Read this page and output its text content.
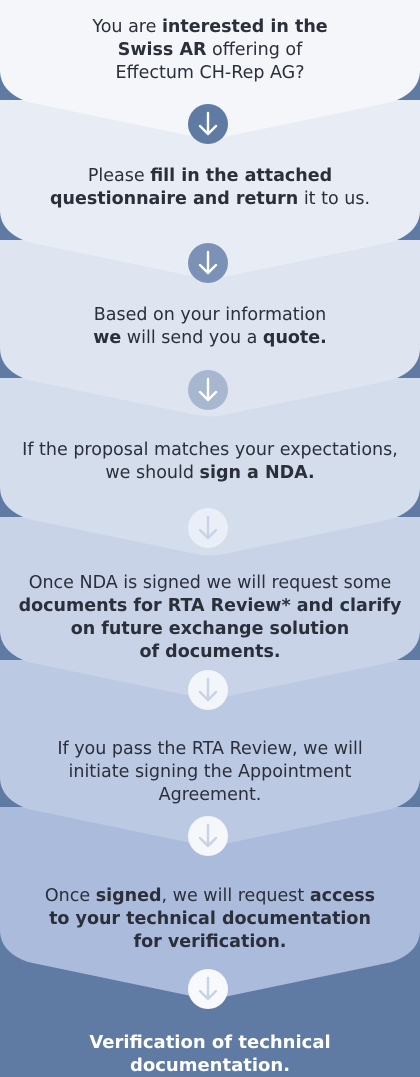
You are interested in the
Swiss AR offering of
Effectum CH-Rep AG?

Please fill in the attached
questionnaire and return it to us.

Based on your information
we will send you a quote.

If the proposal matches your expectations,
we should sign a NDA.

Once NDA is signed we will request some
documents for RTA Review* and clarify
on future exchange solution
of documents.

If you pass the RTA Review, we will
initiate signing the Appointment
Agreement.

Once signed, we will request access
to your technical documentation
for verification.

Verification of technical documentation.
